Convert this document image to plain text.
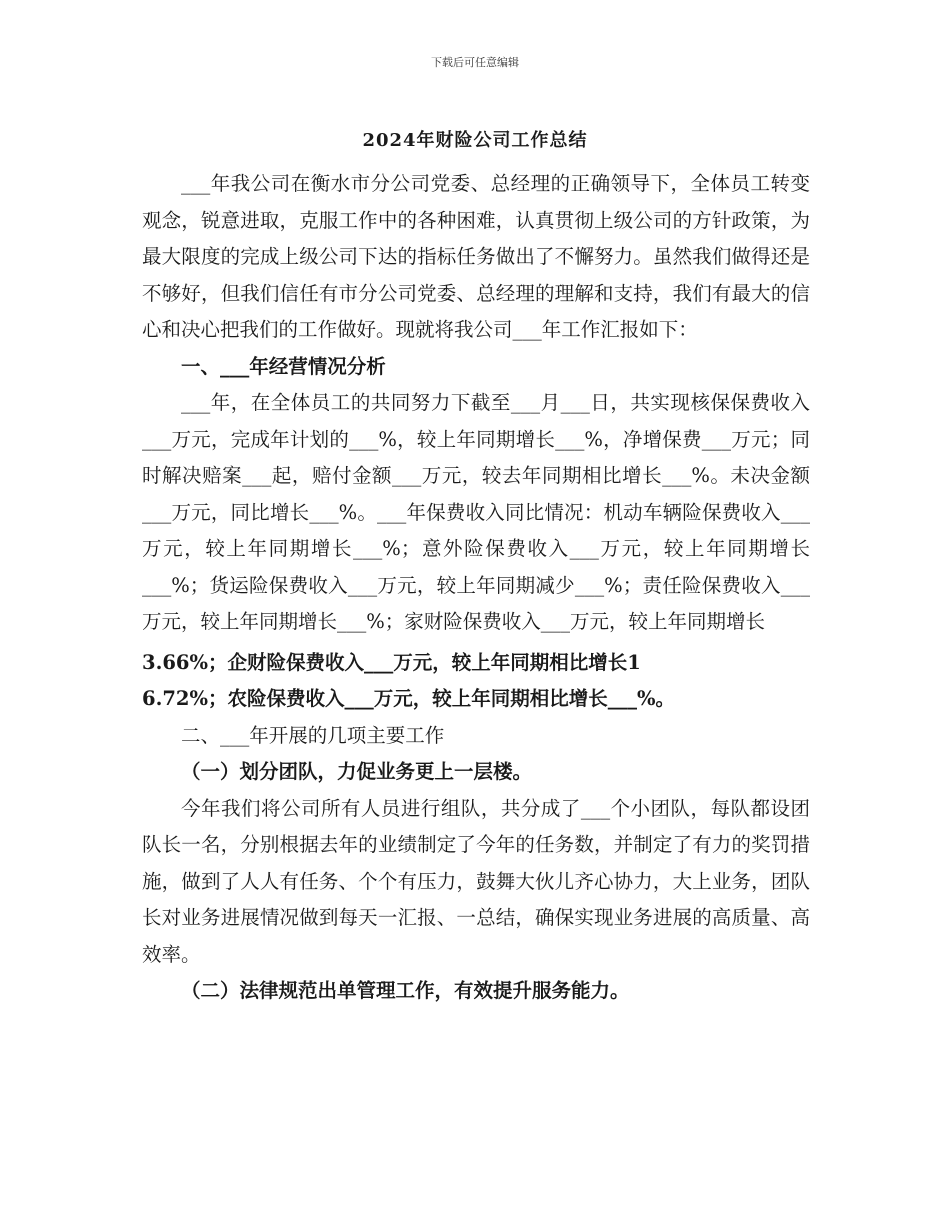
下载后可任意编辑
2024年财险公司工作总结

___年我公司在衡水市分公司党委、总经理的正确领导下，全体员工转变观念，锐意进取，克服工作中的各种困难，认真贯彻上级公司的方针政策，为最大限度的完成上级公司下达的指标任务做出了不懈努力。虽然我们做得还是不够好，但我们信任有市分公司党委、总经理的理解和支持，我们有最大的信心和决心把我们的工作做好。现就将我公司___年工作汇报如下：

一、___年经营情况分析

___年，在全体员工的共同努力下截至___月___日，共实现核保保费收入___万元，完成年计划的___%，较上年同期增长___%，净增保费___万元；同时解决赔案___起，赔付金额___万元，较去年同期相比增长___%。未决金额___万元，同比增长___%。___年保费收入同比情况：机动车辆险保费收入___万元，较上年同期增长___%；意外险保费收入___万元，较上年同期增长___%；货运险保费收入___万元，较上年同期减少___%；责任险保费收入___万元，较上年同期增长___%；家财险保费收入___万元，较上年同期增长

3.66%；企财险保费收入___万元，较上年同期相比增长1

6.72%；农险保费收入___万元，较上年同期相比增长___%。

二、___年开展的几项主要工作

（一）划分团队，力促业务更上一层楼。

今年我们将公司所有人员进行组队，共分成了___个小团队，每队都设团队长一名，分别根据去年的业绩制定了今年的任务数，并制定了有力的奖罚措施，做到了人人有任务、个个有压力，鼓舞大伙儿齐心协力，大上业务，团队长对业务进展情况做到每天一汇报、一总结，确保实现业务进展的高质量、高效率。

（二）法律规范出单管理工作，有效提升服务能力。
